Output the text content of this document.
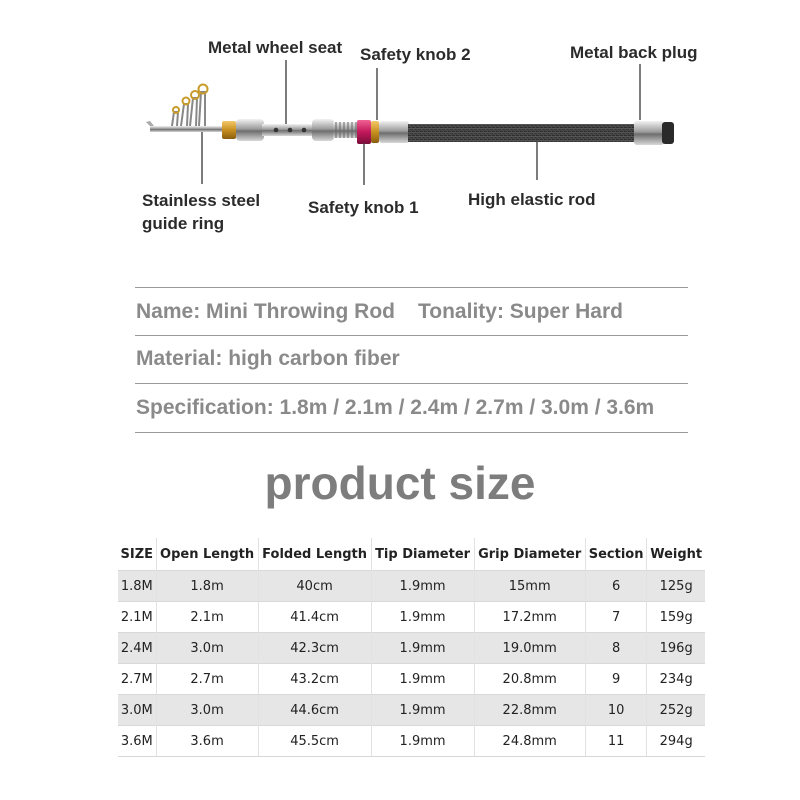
Metal wheel seat Safety knob 2	Metal back plug
Stainless steel
guide ring
Safety knob 1	High elastic rod
Name: Mini Throwing Rod Tonality: Super Hard
Material: high carbon fiber
Specification: 1.8m / 2.1m / 2.4m / 2.7m / 3.0m / 3.6m
product size
SIZE	Open Length	Folded Length	Tip Diameter	Grip Diameter	Section	Weight
1.8M	1.8m	40cm	1.9mm	15mm	6	125g
2.1M	2.1m	41.4cm	1.9mm	17.2mm	7	159g
2.4M	3.0m	42.3cm	1.9mm	19.0mm	8	196g
2.7M	2.7m	43.2cm	1.9mm	20.8mm	9	234g
3.0M	3.0m	44.6cm	1.9mm	22.8mm	10	252g
3.6M	3.6m	45.5cm	1.9mm	24.8mm	11	294g
